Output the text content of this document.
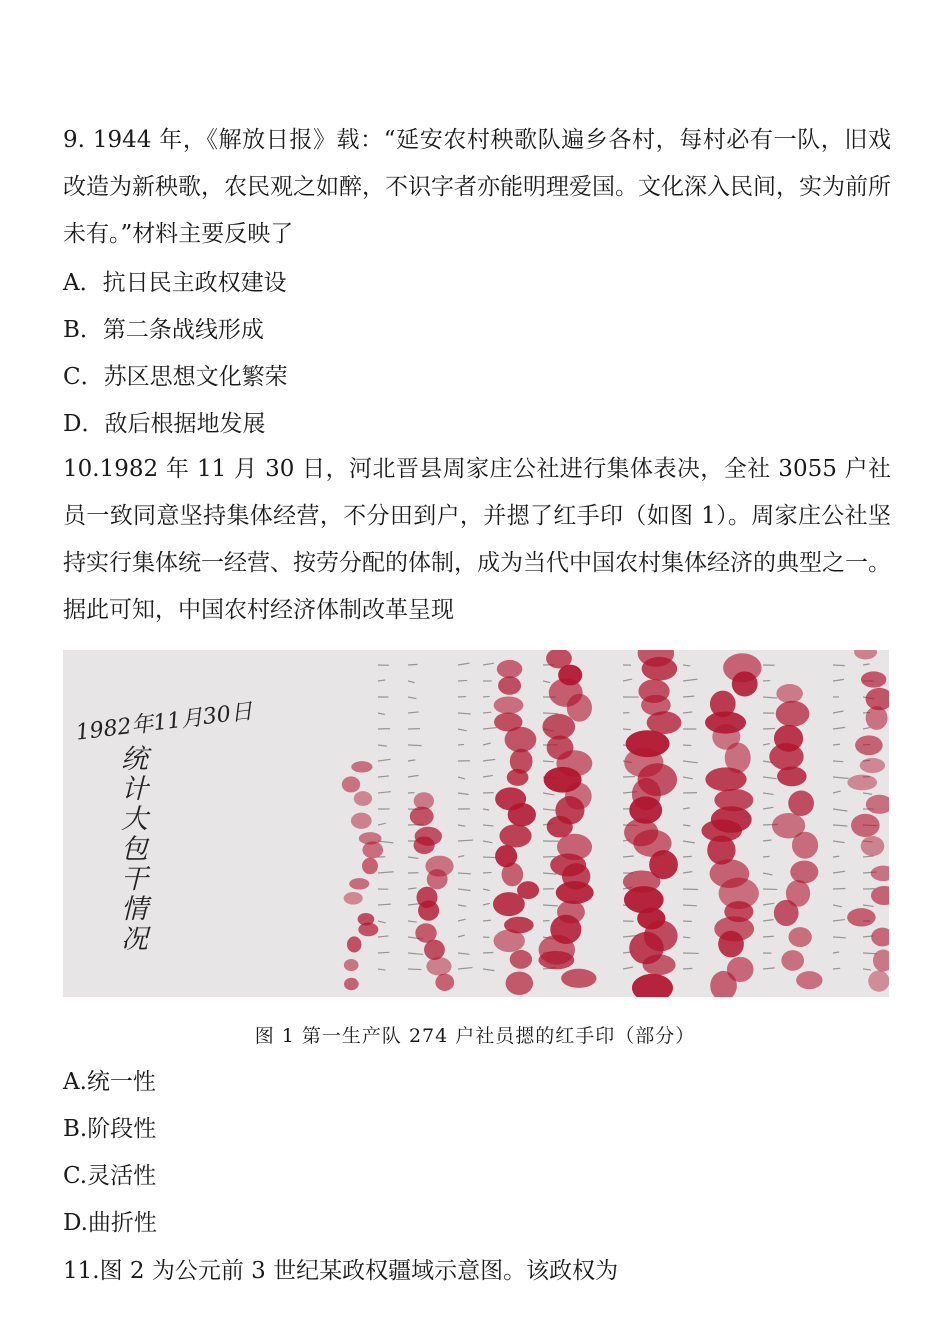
9. 1944 年，《解放日报》载：“延安农村秧歌队遍乡各村，每村必有一队，旧戏改造为新秧歌，农民观之如醉，不识字者亦能明理爱国。文化深入民间，实为前所未有。”材料主要反映了
A．抗日民主政权建设
B．第二条战线形成
C．苏区思想文化繁荣
D．敌后根据地发展
10.1982 年 11 月 30 日，河北晋县周家庄公社进行集体表决，全社 3055 户社员一致同意坚持集体经营，不分田到户，并摁了红手印（如图 1）。周家庄公社坚持实行集体统一经营、按劳分配的体制，成为当代中国农村集体经济的典型之一。据此可知，中国农村经济体制改革呈现
1982年11月30日
统计大包干情况
图 1 第一生产队 274 户社员摁的红手印（部分）
A.统一性
B.阶段性
C.灵活性
D.曲折性
11.图 2 为公元前 3 世纪某政权疆域示意图。该政权为
